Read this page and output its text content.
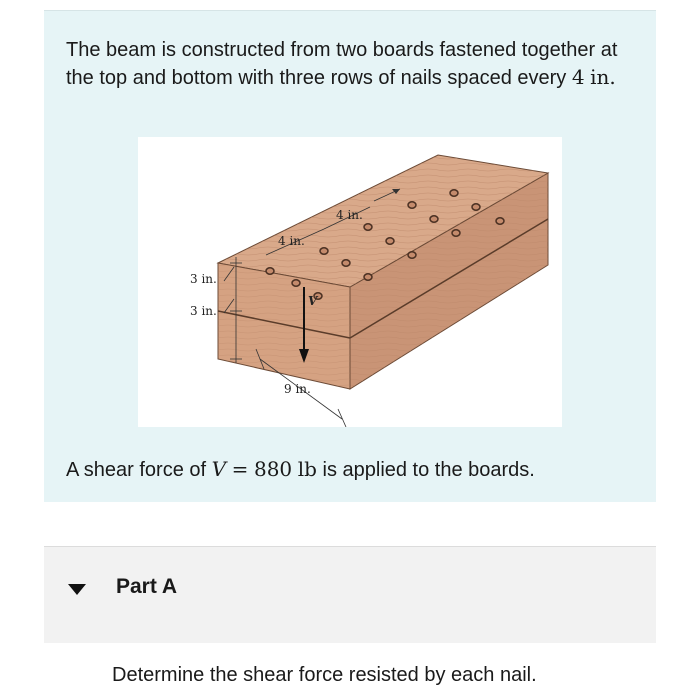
The beam is constructed from two boards fastened together at the top and bottom with three rows of nails spaced every 4 in.

V
3 in.
3 in.
9 in.
4 in.
4 in.

A shear force of V = 880 lb is applied to the boards.

Part A

Determine the shear force resisted by each nail.
